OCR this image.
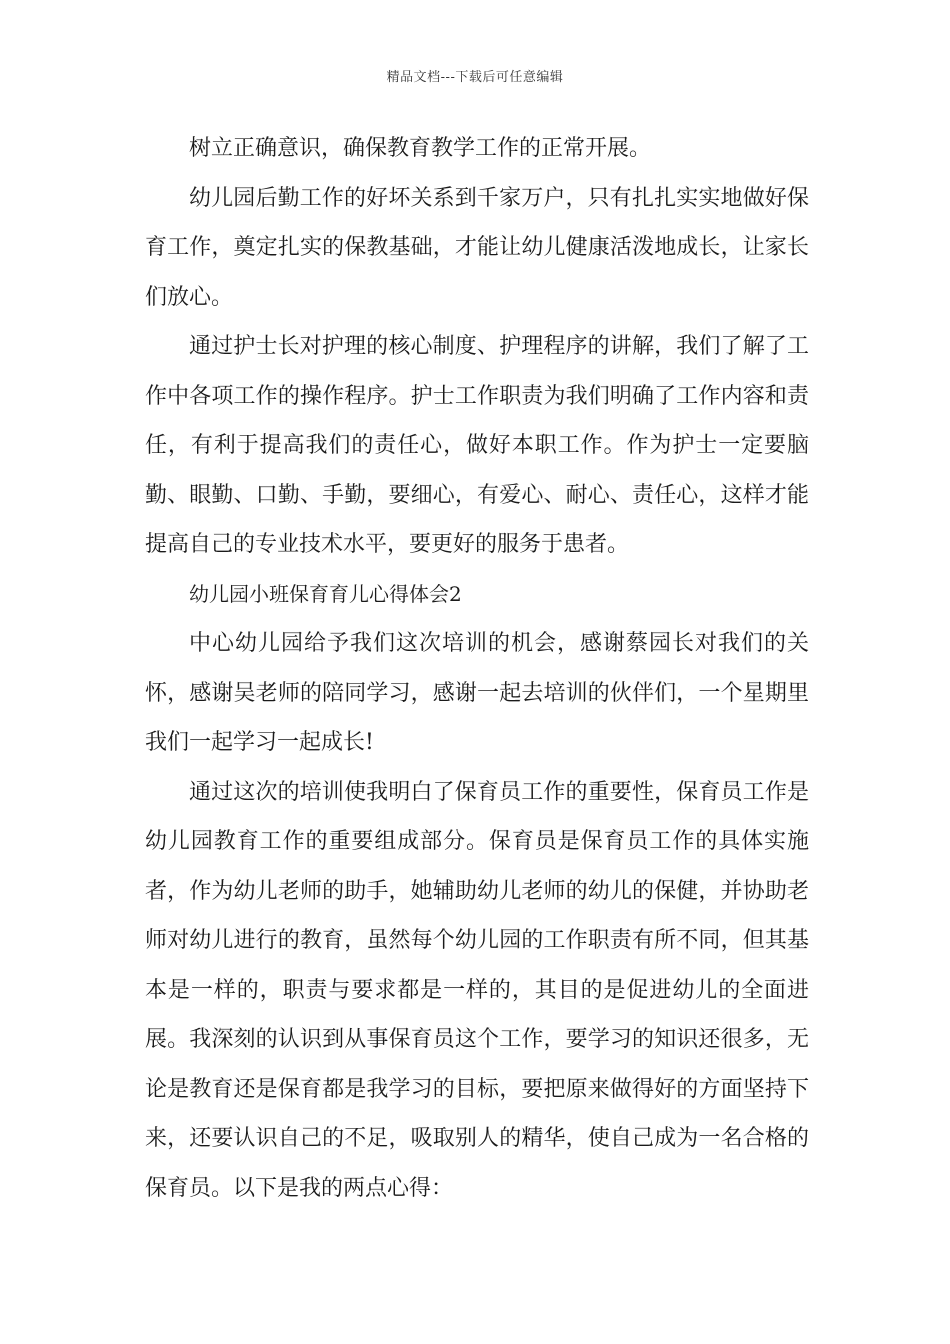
精品文档---下载后可任意编辑

树立正确意识，确保教育教学工作的正常开展。

幼儿园后勤工作的好坏关系到千家万户，只有扎扎实实地做好保育工作，奠定扎实的保教基础，才能让幼儿健康活泼地成长，让家长们放心。

通过护士长对护理的核心制度、护理程序的讲解，我们了解了工作中各项工作的操作程序。护士工作职责为我们明确了工作内容和责任，有利于提高我们的责任心，做好本职工作。作为护士一定要脑勤、眼勤、口勤、手勤，要细心，有爱心、耐心、责任心，这样才能提高自己的专业技术水平，要更好的服务于患者。

幼儿园小班保育育儿心得体会2

中心幼儿园给予我们这次培训的机会，感谢蔡园长对我们的关怀，感谢吴老师的陪同学习，感谢一起去培训的伙伴们，一个星期里我们一起学习一起成长!

通过这次的培训使我明白了保育员工作的重要性，保育员工作是幼儿园教育工作的重要组成部分。保育员是保育员工作的具体实施者，作为幼儿老师的助手，她辅助幼儿老师的幼儿的保健，并协助老师对幼儿进行的教育，虽然每个幼儿园的工作职责有所不同，但其基本是一样的，职责与要求都是一样的，其目的是促进幼儿的全面进展。我深刻的认识到从事保育员这个工作，要学习的知识还很多，无论是教育还是保育都是我学习的目标，要把原来做得好的方面坚持下来，还要认识自己的不足，吸取别人的精华，使自己成为一名合格的保育员。以下是我的两点心得：
